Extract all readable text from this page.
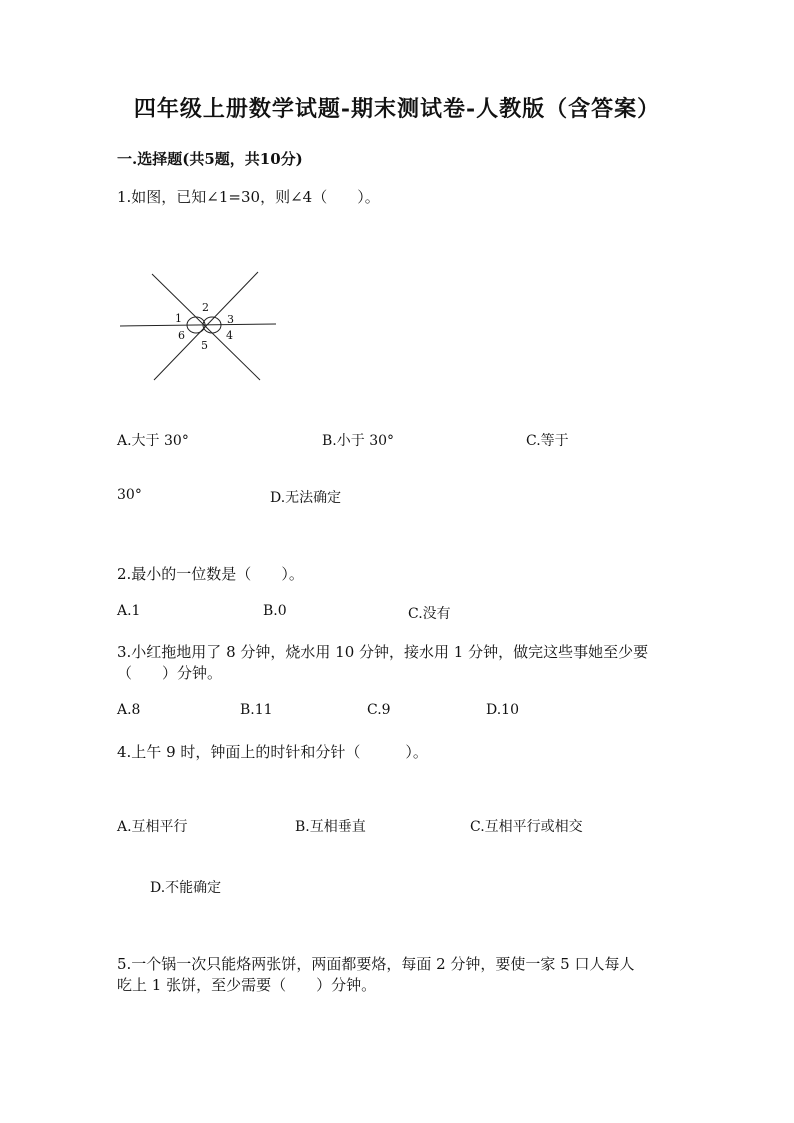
四年级上册数学试题-期末测试卷-人教版（含答案）
一.选择题(共5题，共10分)
1.如图，已知∠1=30，则∠4（　　）。
1
2
3
4
5
6
A.大于 30°	B.小于 30°	C.等于
30°	D.无法确定
2.最小的一位数是（　　）。
A.1	B.0	C.没有
3.小红拖地用了 8 分钟，烧水用 10 分钟，接水用 1 分钟，做完这些事她至少要
（　　）分钟。
A.8	B.11	C.9	D.10
4.上午 9 时，钟面上的时针和分针（　　　）。
A.互相平行	B.互相垂直	C.互相平行或相交
D.不能确定
5.一个锅一次只能烙两张饼，两面都要烙，每面 2 分钟，要使一家 5 口人每人
吃上 1 张饼，至少需要（　　）分钟。
